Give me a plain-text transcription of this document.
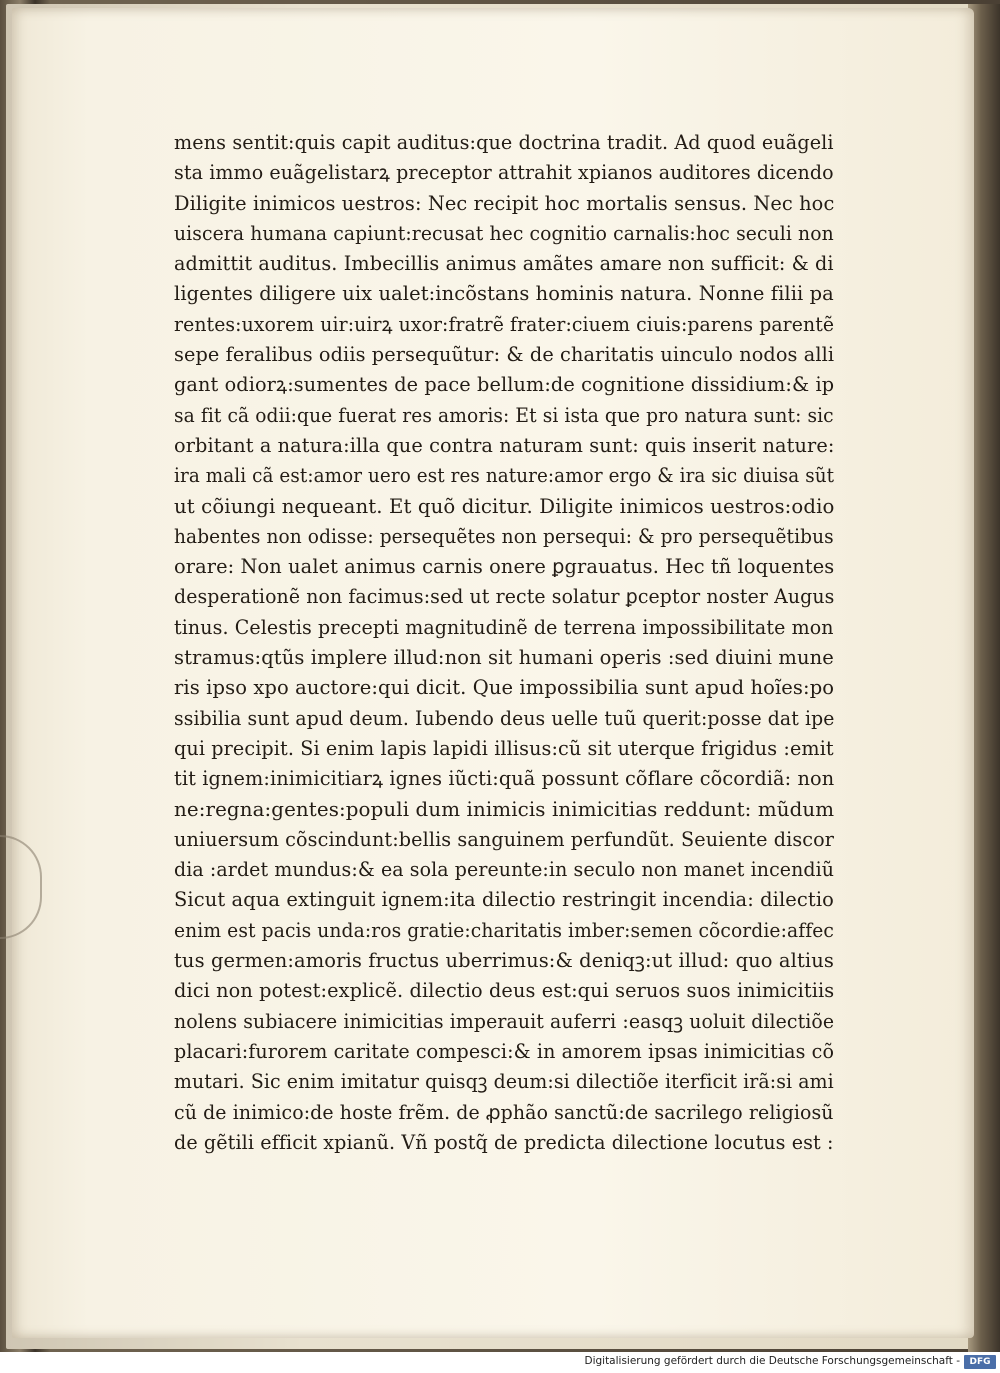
mens sentit:quis capit auditus:que doctrina tradit. Ad quod euãgeli
sta immo euãgelistarꝝ preceptor attrahit xpianos auditores dicendo
Diligite inimicos uestros: Nec recipit hoc mortalis sensus. Nec hoc
uiscera humana capiunt:recusat hec cognitio carnalis:hoc seculi non
admittit auditus. Imbecillis animus amãtes amare non sufficit: & di
ligentes diligere uix ualet:incõstans hominis natura. Nonne filii pa
rentes:uxorem uir:uirꝝ uxor:fratrẽ frater:ciuem ciuis:parens parentẽ
sepe feralibus odiis persequũtur: & de charitatis uinculo nodos alli
gant odiorꝝ:sumentes de pace bellum:de cognitione dissidium:& ip
sa fit cã odii:que fuerat res amoris: Et si ista que pro natura sunt: sic
orbitant a natura:illa que contra naturam sunt: quis inserit nature:
ira mali cã est:amor uero est res nature:amor ergo & ira sic diuisa sũt
ut cõiungi nequeant. Et quõ dicitur. Diligite inimicos uestros:odio
habentes non odisse: persequẽtes non persequi: & pro persequẽtibus
orare: Non ualet animus carnis onere ꝑgrauatus. Hec tñ loquentes
desperationẽ non facimus:sed ut recte solatur ꝑceptor noster Augus
tinus. Celestis precepti magnitudinẽ de terrena impossibilitate mon
stramus:qtũs implere illud:non sit humani operis :sed diuini mune
ris ipso xpo auctore:qui dicit. Que impossibilia sunt apud hoĩes:po
ssibilia sunt apud deum. Iubendo deus uelle tuũ querit:posse dat ipe
qui precipit. Si enim lapis lapidi illisus:cũ sit uterque frigidus :emit
tit ignem:inimicitiarꝝ ignes iũcti:quã possunt cõflare cõcordiã: non
ne:regna:gentes:populi dum inimicis inimicitias reddunt: mũdum
uniuersum cõscindunt:bellis sanguinem perfundũt. Seuiente discor
dia :ardet mundus:& ea sola pereunte:in seculo non manet incendiũ
Sicut aqua extinguit ignem:ita dilectio restringit incendia: dilectio
enim est pacis unda:ros gratie:charitatis imber:semen cõcordie:affec
tus germen:amoris fructus uberrimus:& deniqꝫ:ut illud: quo altius
dici non potest:explicẽ. dilectio deus est:qui seruos suos inimicitiis
nolens subiacere inimicitias imperauit auferri :easqꝫ uoluit dilectiõe
placari:furorem caritate compesci:& in amorem ipsas inimicitias cõ
mutari. Sic enim imitatur quisqꝫ deum:si dilectiõe iterficit irã:si ami
cũ de inimico:de hoste frẽm. de ꝓphão sanctũ:de sacrilego religiosũ
de gẽtili efficit xpianũ. Vñ postq̃ de predicta dilectione locutus est :
Digitalisierung gefördert durch die Deutsche Forschungsgemeinschaft -	DFG
